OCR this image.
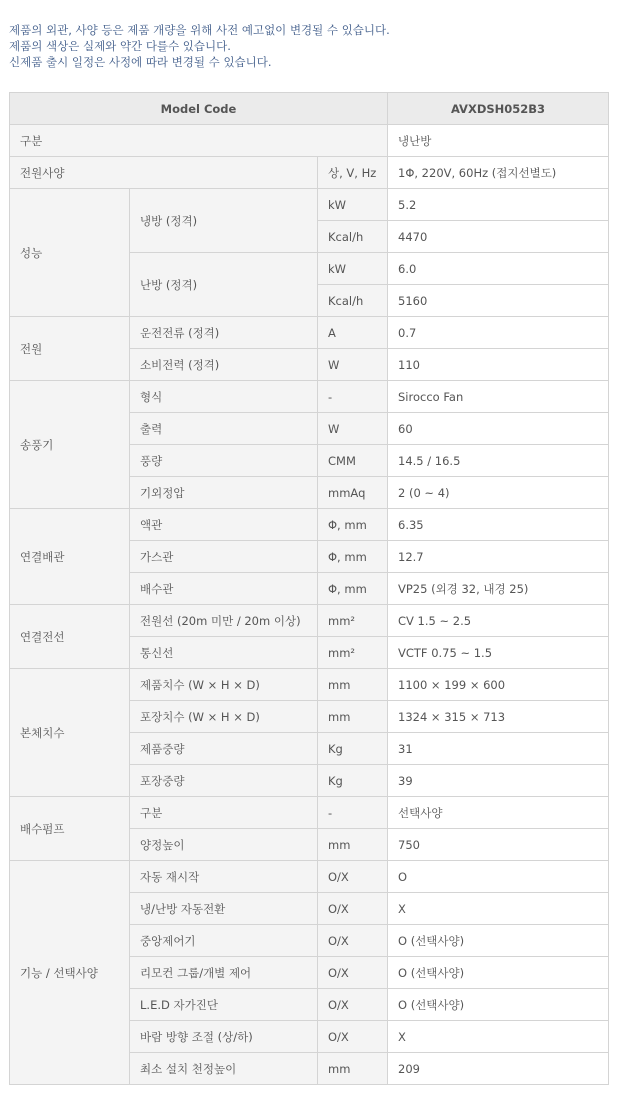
제품의 외관, 사양 등은 제품 개량을 위해 사전 예고없이 변경될 수 있습니다.
제품의 색상은 실제와 약간 다를수 있습니다.
신제품 출시 일정은 사정에 따라 변경될 수 있습니다.
Model Code			AVXDSH052B3
구분			냉난방
전원사양		상, V, Hz	1Φ, 220V, 60Hz (접지선별도)
성능	냉방 (정격)	kW	5.2
		Kcal/h	4470
	난방 (정격)	kW	6.0
		Kcal/h	5160
전원	운전전류 (정격)	A	0.7
	소비전력 (정격)	W	110
송풍기	형식	-	Sirocco Fan
	출력	W	60
	풍량	CMM	14.5 / 16.5
	기외정압	mmAq	2 (0 ~ 4)
연결배관	액관	Φ, mm	6.35
	가스관	Φ, mm	12.7
	배수관	Φ, mm	VP25 (외경 32, 내경 25)
연결전선	전원선 (20m 미만 / 20m 이상)	mm²	CV 1.5 ~ 2.5
	통신선	mm²	VCTF 0.75 ~ 1.5
본체치수	제품치수 (W × H × D)	mm	1100 × 199 × 600
	포장치수 (W × H × D)	mm	1324 × 315 × 713
	제품중량	Kg	31
	포장중량	Kg	39
배수펌프	구분	-	선택사양
	양정높이	mm	750
기능 / 선택사양	자동 재시작	O/X	O
	냉/난방 자동전환	O/X	X
	중앙제어기	O/X	O (선택사양)
	리모컨 그룹/개별 제어	O/X	O (선택사양)
	L.E.D 자가진단	O/X	O (선택사양)
	바람 방향 조절 (상/하)	O/X	X
	최소 설치 천정높이	mm	209
